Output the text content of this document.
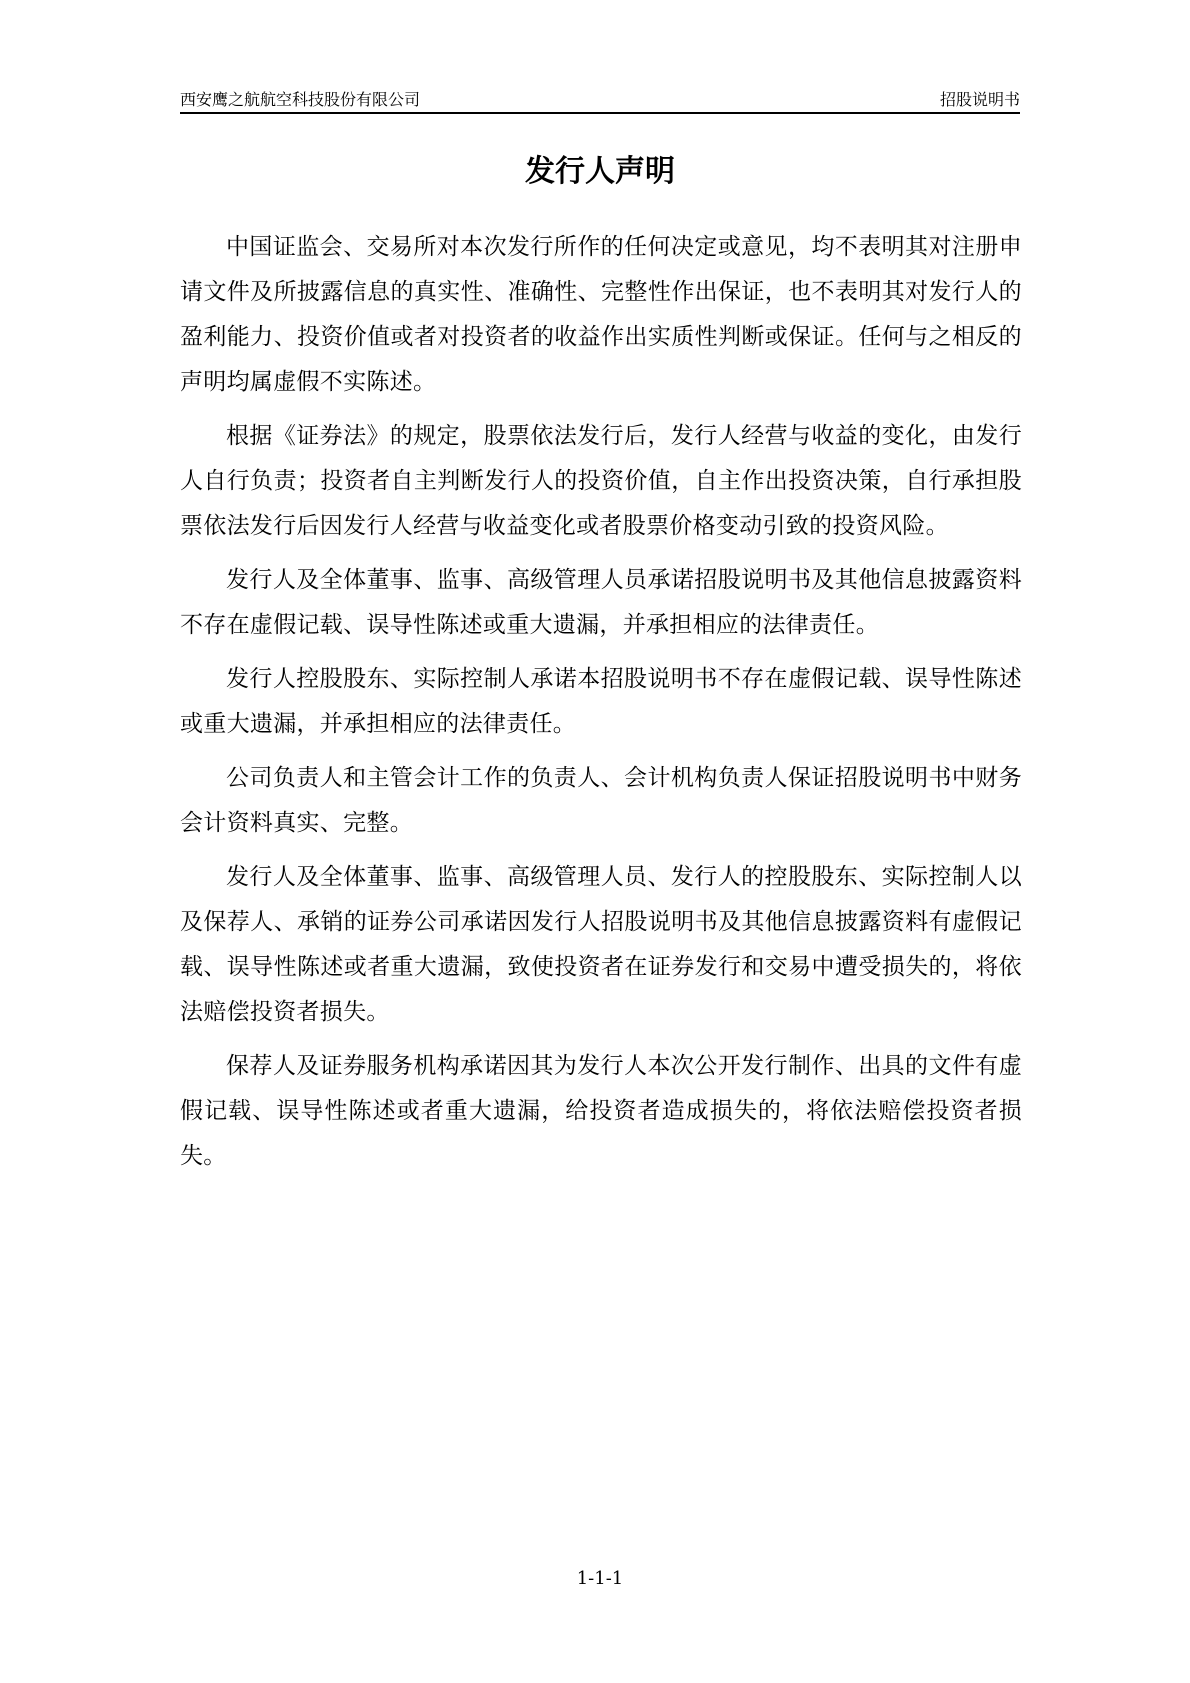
西安鹰之航航空科技股份有限公司	招股说明书
发行人声明

中国证监会、交易所对本次发行所作的任何决定或意见，均不表明其对注册申请文件及所披露信息的真实性、准确性、完整性作出保证，也不表明其对发行人的盈利能力、投资价值或者对投资者的收益作出实质性判断或保证。任何与之相反的声明均属虚假不实陈述。

根据《证券法》的规定，股票依法发行后，发行人经营与收益的变化，由发行人自行负责；投资者自主判断发行人的投资价值，自主作出投资决策，自行承担股票依法发行后因发行人经营与收益变化或者股票价格变动引致的投资风险。

发行人及全体董事、监事、高级管理人员承诺招股说明书及其他信息披露资料不存在虚假记载、误导性陈述或重大遗漏，并承担相应的法律责任。

发行人控股股东、实际控制人承诺本招股说明书不存在虚假记载、误导性陈述或重大遗漏，并承担相应的法律责任。

公司负责人和主管会计工作的负责人、会计机构负责人保证招股说明书中财务会计资料真实、完整。

发行人及全体董事、监事、高级管理人员、发行人的控股股东、实际控制人以及保荐人、承销的证券公司承诺因发行人招股说明书及其他信息披露资料有虚假记载、误导性陈述或者重大遗漏，致使投资者在证券发行和交易中遭受损失的，将依法赔偿投资者损失。

保荐人及证券服务机构承诺因其为发行人本次公开发行制作、出具的文件有虚假记载、误导性陈述或者重大遗漏，给投资者造成损失的，将依法赔偿投资者损失。

1-1-1
